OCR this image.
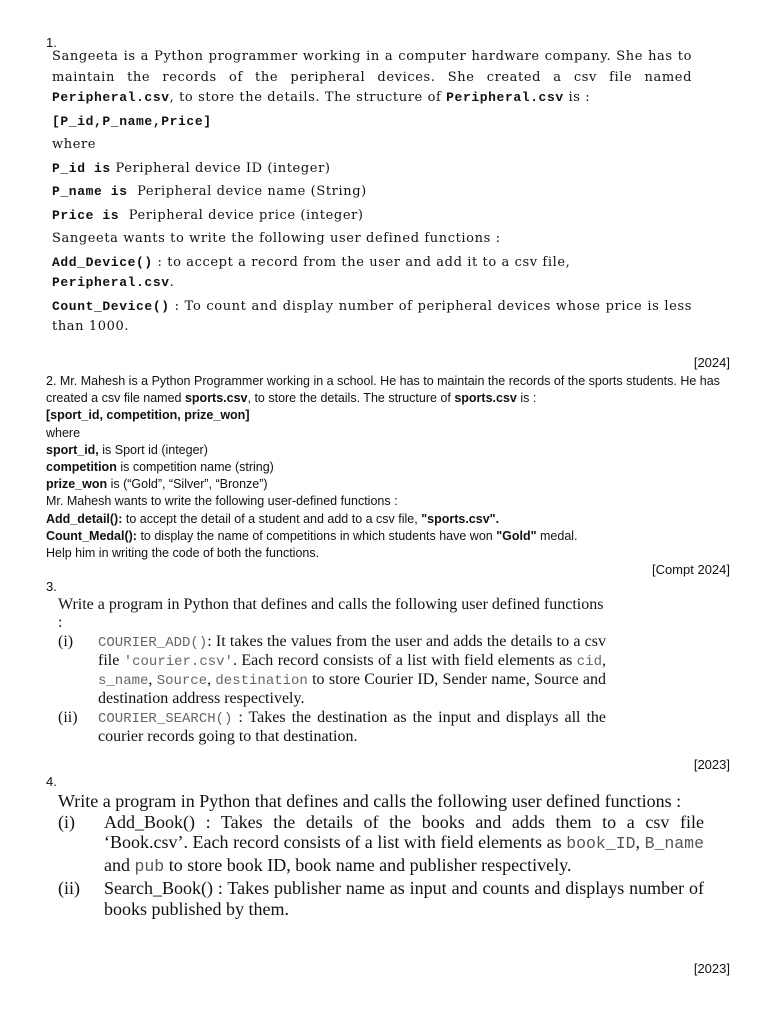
1.

Sangeeta is a Python programmer working in a computer hardware company. She has to maintain the records of the peripheral devices. She created a csv file named Peripheral.csv, to store the details. The structure of Peripheral.csv is :

[P_id,P_name,Price]

where

P_id is Peripheral device ID (integer)

P_name is Peripheral device name (String)

Price is Peripheral device price (integer)

Sangeeta wants to write the following user defined functions :

Add_Device() : to accept a record from the user and add it to a csv file,
Peripheral.csv.

Count_Device() : To count and display number of peripheral devices whose price is less than 1000.

[2024]

2. Mr. Mahesh is a Python Programmer working in a school. He has to maintain the records of the sports students. He has created a csv file named sports.csv, to store the details. The structure of sports.csv is :

[sport_id, competition, prize_won]

where

sport_id, is Sport id (integer)

competition is competition name (string)

prize_won is (“Gold”, “Silver”, “Bronze”)

Mr. Mahesh wants to write the following user-defined functions :

Add_detail(): to accept the detail of a student and add to a csv file, "sports.csv".

Count_Medal(): to display the name of competitions in which students have won "Gold" medal.

Help him in writing the code of both the functions.

[Compt 2024]
3.
Write a program in Python that defines and calls the following user defined functions :
(i)	COURIER_ADD(): It takes the values from the user and adds the details to a csv file 'courier.csv'. Each record consists of a list with field elements as cid, s_name, Source, destination to store Courier ID, Sender name, Source and destination address respectively.
(ii)	COURIER_SEARCH() : Takes the destination as the input and displays all the courier records going to that destination.
[2023]
4.
Write a program in Python that defines and calls the following user defined functions :
(i)	Add_Book() : Takes the details of the books and adds them to a csv file ‘Book.csv’. Each record consists of a list with field elements as book_ID, B_name and pub to store book ID, book name and publisher respectively.
(ii)	Search_Book() : Takes publisher name as input and counts and displays number of books published by them.
[2023]
